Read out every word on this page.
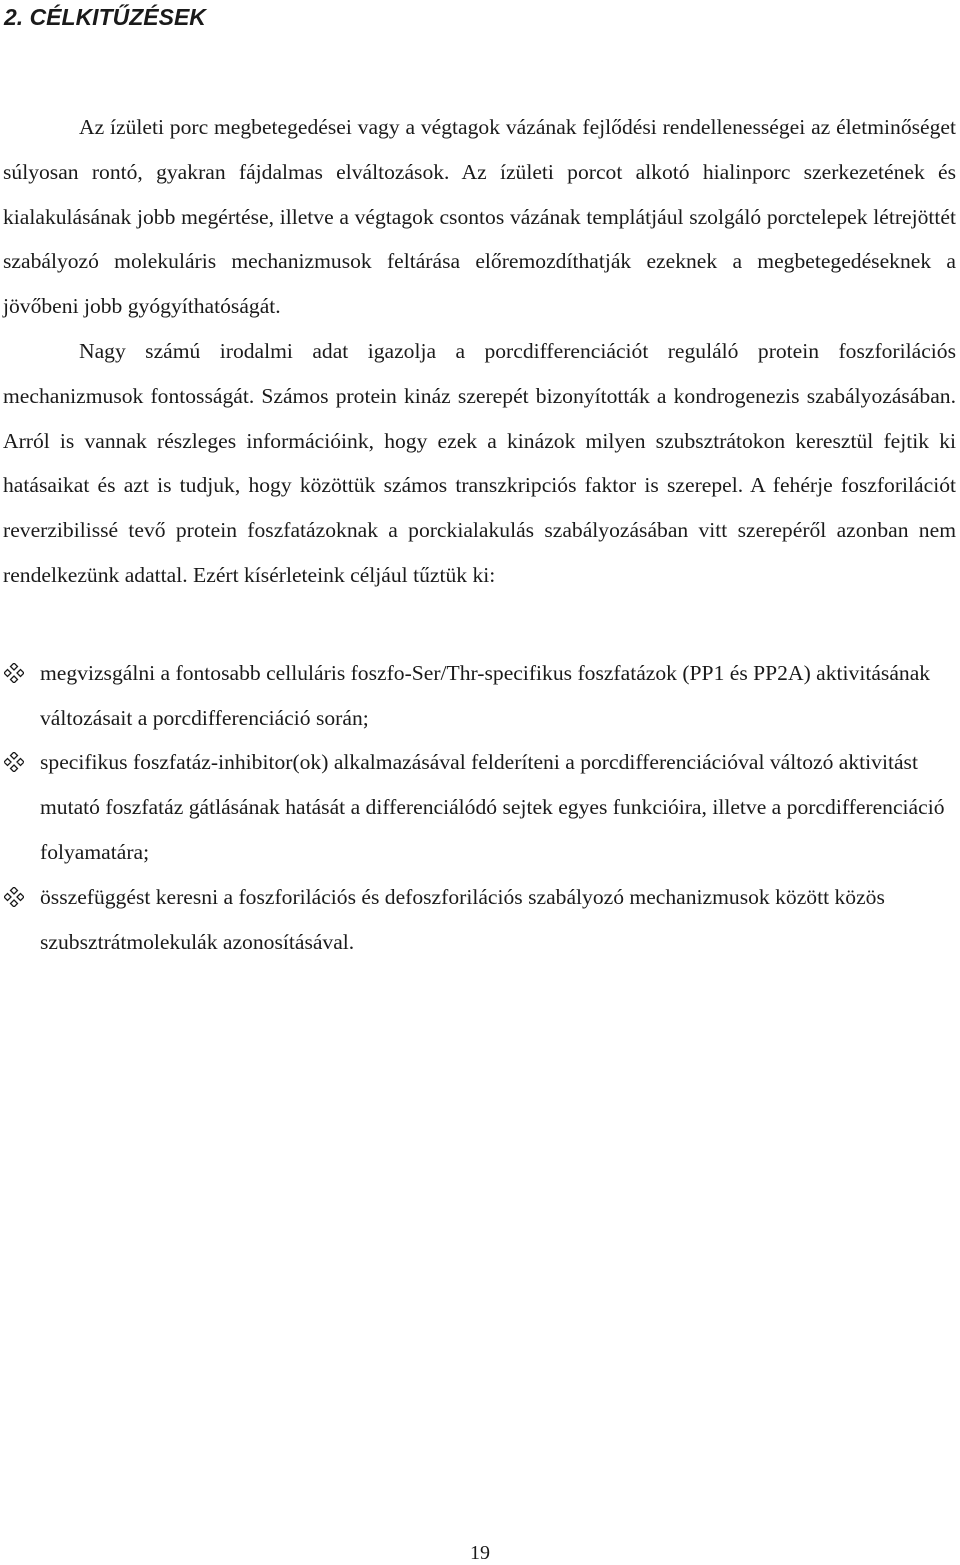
2. CÉLKITŰZÉSEK

Az ízületi porc megbetegedései vagy a végtagok vázának fejlődési rendellenességei az életminőséget súlyosan rontó, gyakran fájdalmas elváltozások. Az ízületi porcot alkotó hialinporc szerkezetének és kialakulásának jobb megértése, illetve a végtagok csontos vázának templátjául szolgáló porctelepek létrejöttét szabályozó molekuláris mechanizmusok feltárása előremozdíthatják ezeknek a megbetegedéseknek a jövőbeni jobb gyógyíthatóságát.

Nagy számú irodalmi adat igazolja a porcdifferenciációt reguláló protein foszforilációs mechanizmusok fontosságát. Számos protein kináz szerepét bizonyították a kondrogenezis szabályozásában. Arról is vannak részleges információink, hogy ezek a kinázok milyen szubsztrátokon keresztül fejtik ki hatásaikat és azt is tudjuk, hogy közöttük számos transzkripciós faktor is szerepel. A fehérje foszforilációt reverzibilissé tevő protein foszfatázoknak a porckialakulás szabályozásában vitt szerepéről azonban nem rendelkezünk adattal. Ezért kísérleteink céljául tűztük ki:

megvizsgálni a fontosabb celluláris foszfo-Ser/Thr-specifikus foszfatázok (PP1 és PP2A) aktivitásának változásait a porcdifferenciáció során;
specifikus foszfatáz-inhibitor(ok) alkalmazásával felderíteni a porcdifferenciációval változó aktivitást mutató foszfatáz gátlásának hatását a differenciálódó sejtek egyes funkcióira, illetve a porcdifferenciáció folyamatára;
összefüggést keresni a foszforilációs és defoszforilációs szabályozó mechanizmusok között közös szubsztrátmolekulák azonosításával.
19
